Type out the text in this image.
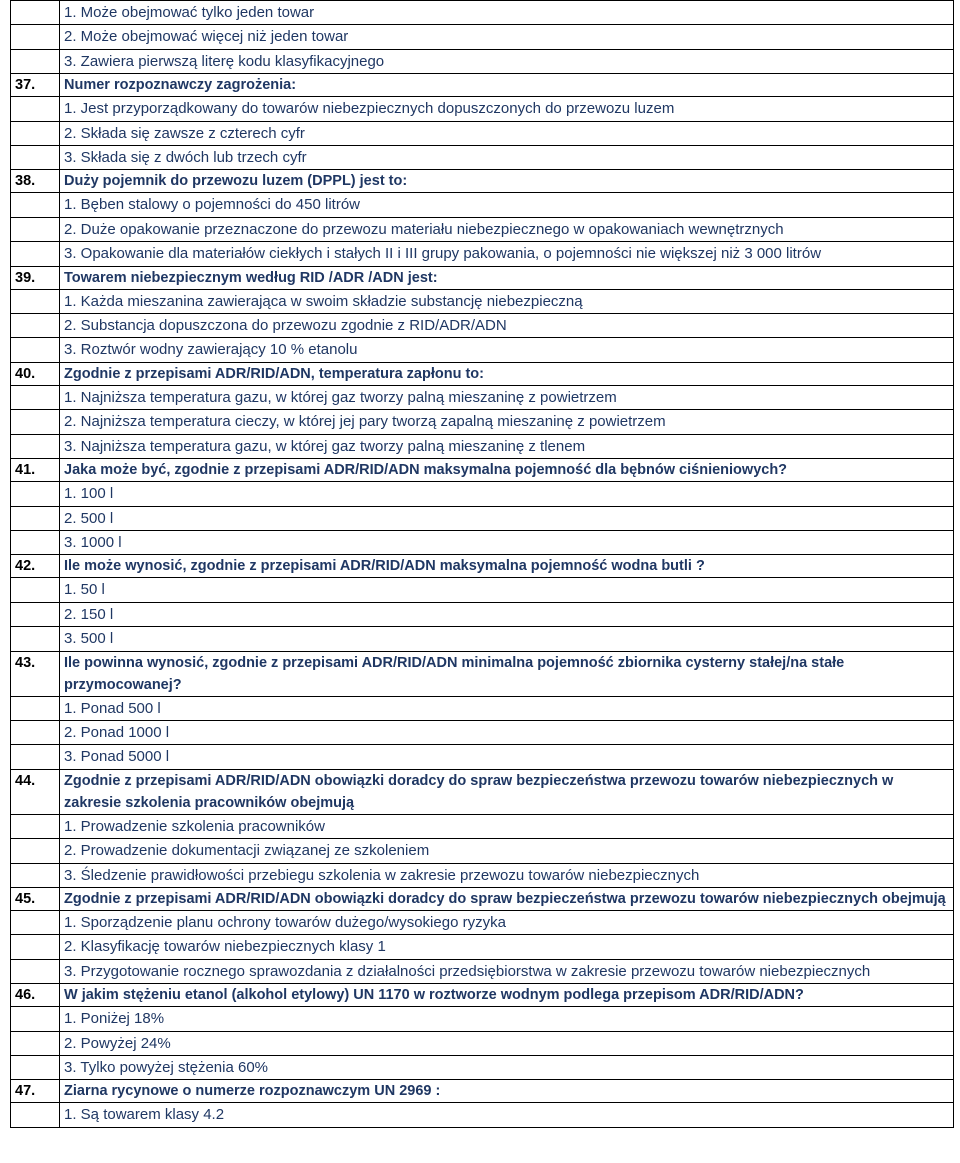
	1. Może obejmować tylko jeden towar

	2. Może obejmować więcej niż jeden towar

	3. Zawiera pierwszą literę kodu klasyfikacyjnego

37.	Numer rozpoznawczy zagrożenia:

	1. Jest przyporządkowany do towarów niebezpiecznych dopuszczonych do przewozu luzem

	2. Składa się zawsze z czterech cyfr

	3. Składa się z dwóch lub trzech cyfr

38.	Duży pojemnik do przewozu luzem (DPPL) jest to:

	1. Bęben stalowy o pojemności do 450 litrów

	2. Duże opakowanie przeznaczone do przewozu materiału niebezpiecznego w opakowaniach wewnętrznych

	3. Opakowanie dla materiałów ciekłych i stałych II i III grupy pakowania, o pojemności nie większej niż 3 000 litrów

39.	Towarem niebezpiecznym według RID /ADR /ADN jest:

	1. Każda mieszanina zawierająca w swoim składzie substancję niebezpieczną

	2. Substancja dopuszczona do przewozu zgodnie z RID/ADR/ADN

	3. Roztwór wodny zawierający 10 % etanolu

40.	Zgodnie z przepisami ADR/RID/ADN, temperatura zapłonu to:

	1. Najniższa temperatura gazu, w której gaz tworzy palną mieszaninę z powietrzem

	2. Najniższa temperatura cieczy, w której jej pary tworzą zapalną mieszaninę z powietrzem

	3. Najniższa temperatura gazu, w której gaz tworzy palną mieszaninę z tlenem

41.	Jaka może być, zgodnie z przepisami ADR/RID/ADN maksymalna pojemność dla bębnów ciśnieniowych?

	1. 100 l

	2. 500 l

	3. 1000 l

42.	Ile może wynosić, zgodnie z przepisami ADR/RID/ADN maksymalna pojemność wodna butli ?

	1. 50 l

	2. 150 l

	3. 500 l

43.	Ile powinna wynosić, zgodnie z przepisami ADR/RID/ADN minimalna pojemność zbiornika cysterny stałej/na stałe przymocowanej?

	1. Ponad 500 l

	2. Ponad 1000 l

	3. Ponad 5000 l

44.	Zgodnie z przepisami ADR/RID/ADN obowiązki doradcy do spraw bezpieczeństwa przewozu towarów niebezpiecznych w zakresie szkolenia pracowników obejmują

	1. Prowadzenie szkolenia pracowników

	2. Prowadzenie dokumentacji związanej ze szkoleniem

	3. Śledzenie prawidłowości przebiegu szkolenia w zakresie przewozu towarów niebezpiecznych

45.	Zgodnie z przepisami ADR/RID/ADN obowiązki doradcy do spraw bezpieczeństwa przewozu towarów niebezpiecznych obejmują

	1. Sporządzenie planu ochrony towarów dużego/wysokiego ryzyka

	2. Klasyfikację towarów niebezpiecznych klasy 1

	3. Przygotowanie rocznego sprawozdania z działalności przedsiębiorstwa w zakresie przewozu towarów niebezpiecznych

46.	W jakim stężeniu etanol (alkohol etylowy) UN 1170 w roztworze wodnym podlega przepisom ADR/RID/ADN?

	1. Poniżej 18%

	2. Powyżej 24%

	3. Tylko powyżej stężenia 60%

47.	Ziarna rycynowe o numerze rozpoznawczym UN 2969 :

	1. Są towarem klasy 4.2
